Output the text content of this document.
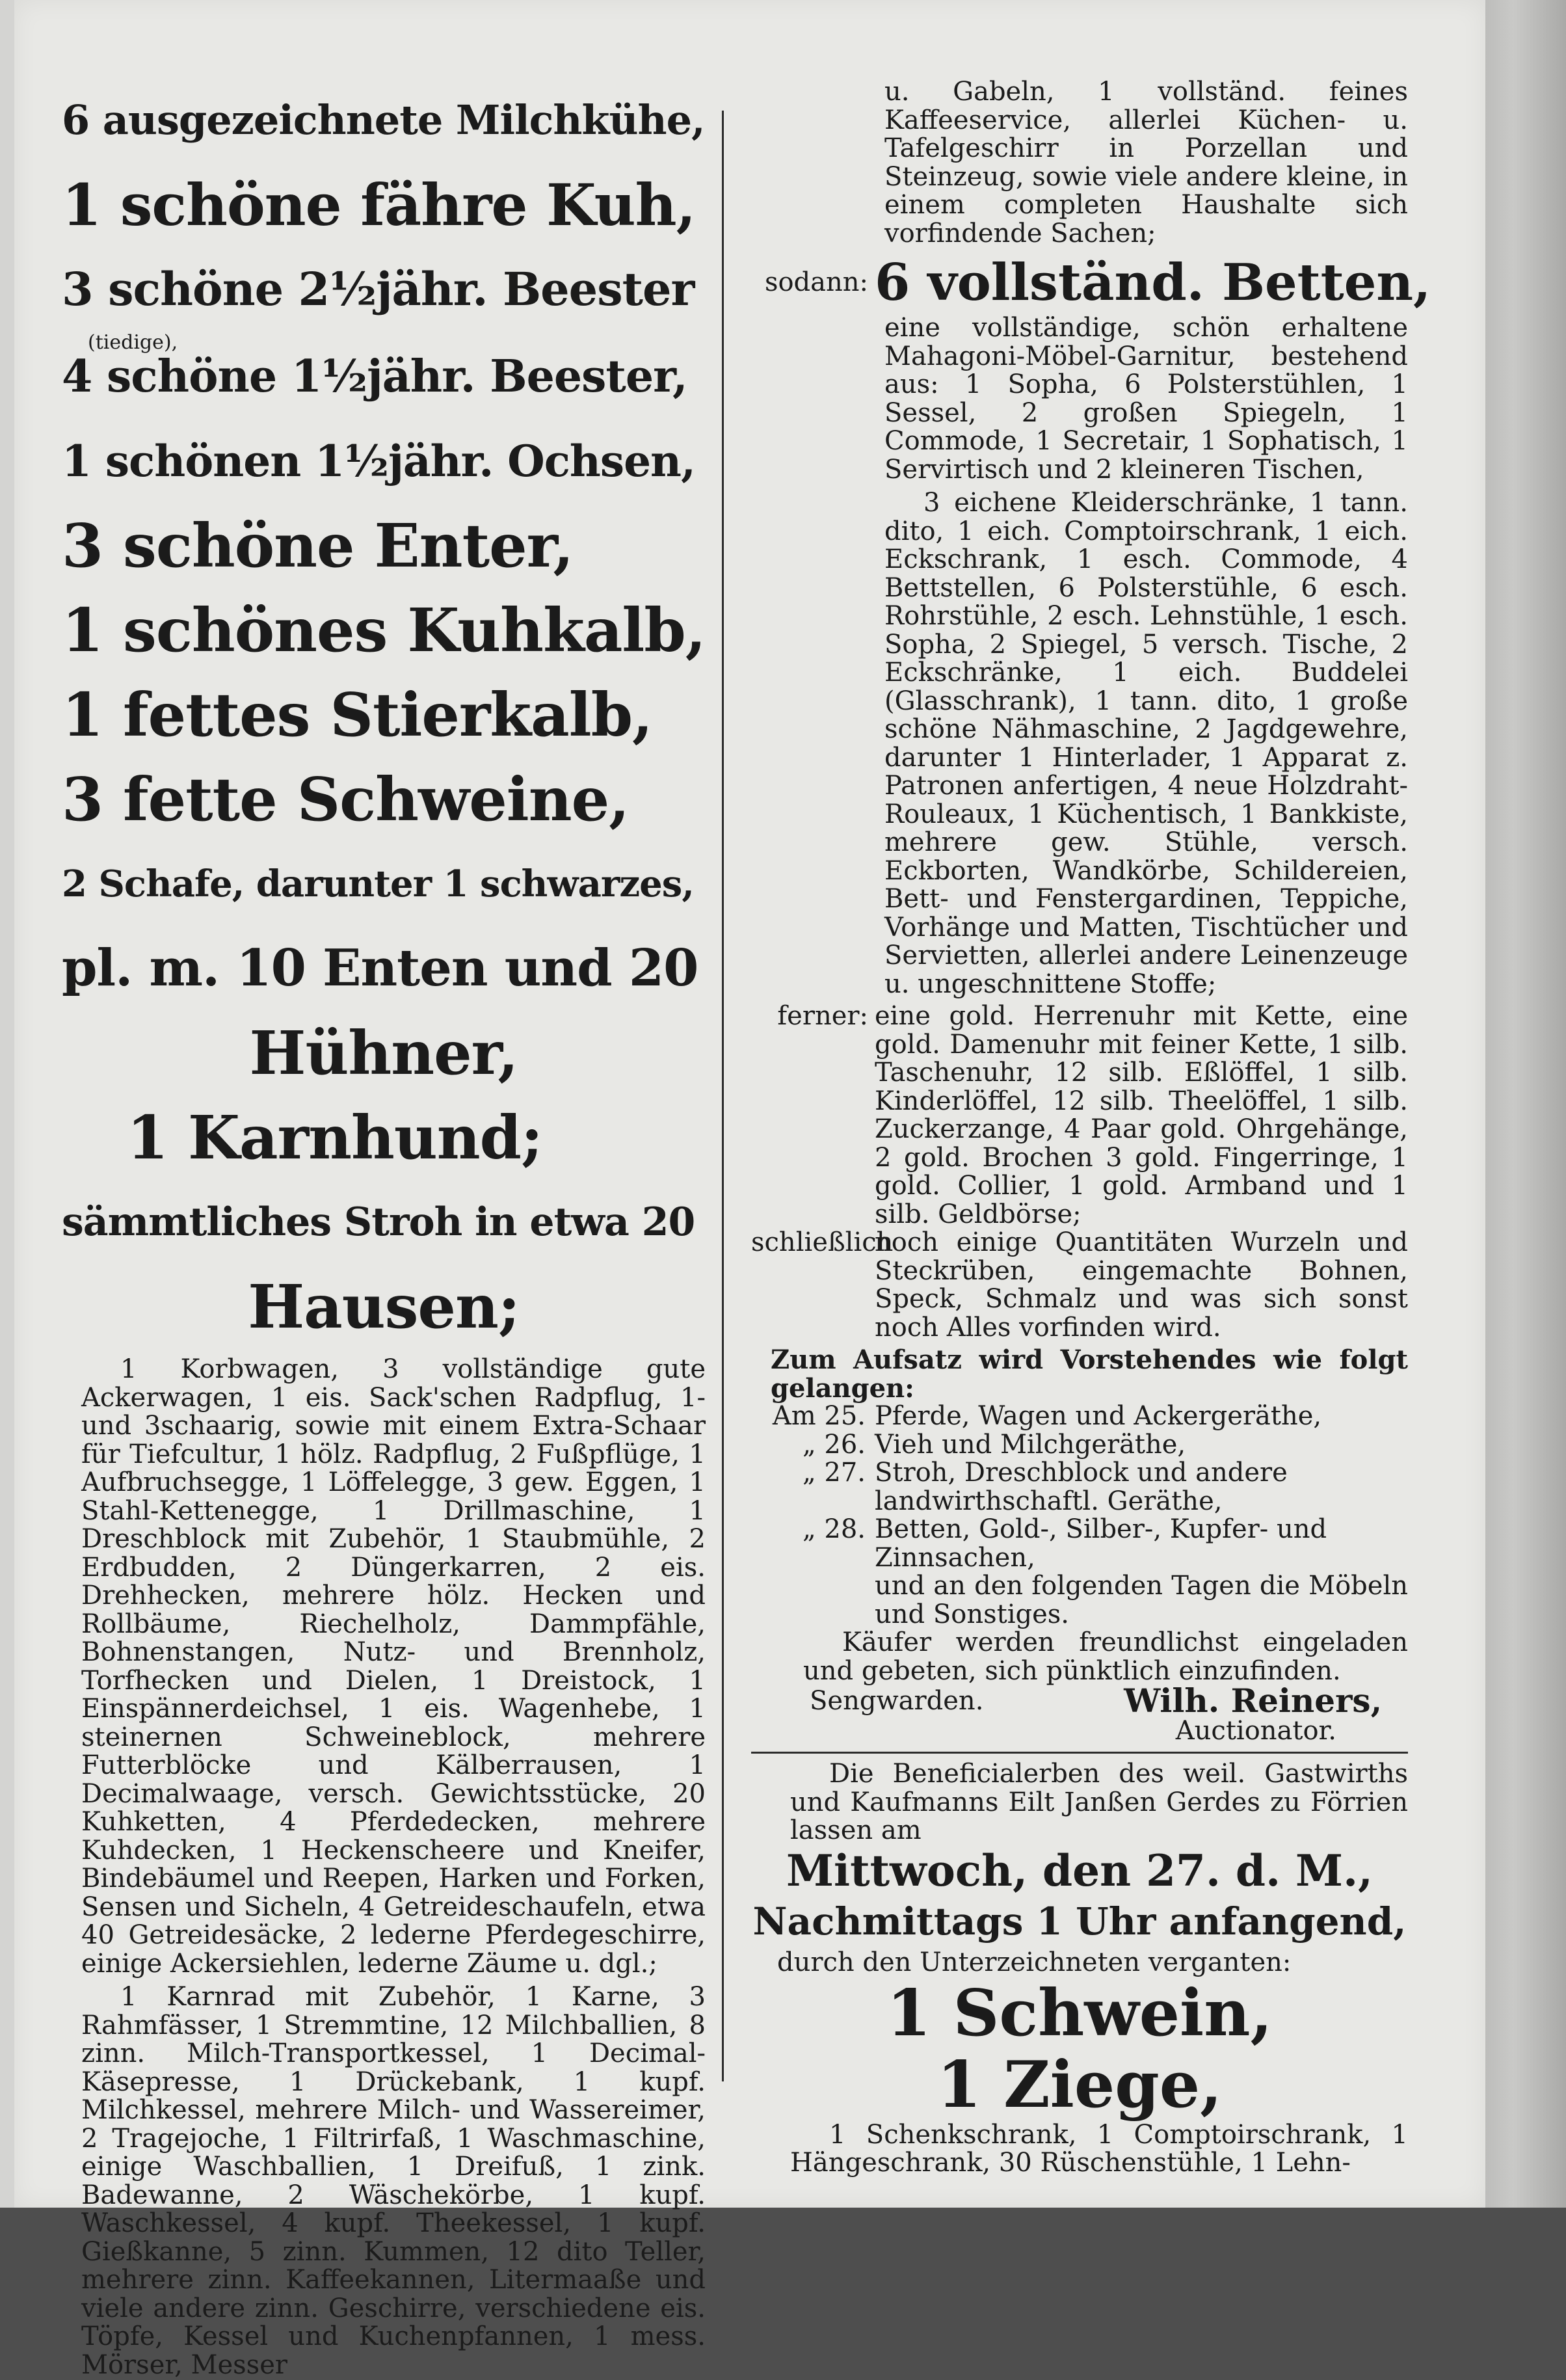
6 ausgezeichnete Milchkühe,
1 schöne fähre Kuh,
3 schöne 2½jähr. Beester
(tiedige),
4 schöne 1½jähr. Beester,
1 schönen 1½jähr. Ochsen,
3 schöne Enter,
1 schönes Kuhkalb,
1 fettes Stierkalb,
3 fette Schweine,
2 Schafe, darunter 1 schwarzes,
pl. m. 10 Enten und 20
Hühner,
1 Karnhund;
sämmtliches Stroh in etwa 20
Hausen;

1 Korbwagen, 3 vollständige gute Ackerwagen, 1 eis. Sack'schen Radpflug, 1- und 3schaarig, sowie mit einem Extra-Schaar für Tiefcultur, 1 hölz. Radpflug, 2 Fußpflüge, 1 Aufbruchsegge, 1 Löffelegge, 3 gew. Eggen, 1 Stahl-Kettenegge, 1 Drillmaschine, 1 Dreschblock mit Zubehör, 1 Staubmühle, 2 Erdbudden, 2 Düngerkarren, 2 eis. Drehhecken, mehrere hölz. Hecken und Rollbäume, Riechelholz, Dammpfähle, Bohnenstangen, Nutz- und Brennholz, Torfhecken und Dielen, 1 Dreistock, 1 Einspännerdeichsel, 1 eis. Wagenhebe, 1 steinernen Schweineblock, mehrere Futterblöcke und Kälberrausen, 1 Decimalwaage, versch. Gewichtsstücke, 20 Kuhketten, 4 Pferdedecken, mehrere Kuhdecken, 1 Heckenscheere und Kneifer, Bindebäumel und Reepen, Harken und Forken, Sensen und Sicheln, 4 Getreideschaufeln, etwa 40 Getreidesäcke, 2 lederne Pferdegeschirre, einige Ackersiehlen, lederne Zäume u. dgl.;

1 Karnrad mit Zubehör, 1 Karne, 3 Rahmfässer, 1 Stremmtine, 12 Milchballien, 8 zinn. Milch-Transportkessel, 1 Decimal-Käsepresse, 1 Drückebank, 1 kupf. Milchkessel, mehrere Milch- und Wassereimer, 2 Tragejoche, 1 Filtrirfaß, 1 Waschmaschine, einige Waschballien, 1 Dreifuß, 1 zink. Badewanne, 2 Wäschekörbe, 1 kupf. Waschkessel, 4 kupf. Theekessel, 1 kupf. Gießkanne, 5 zinn. Kummen, 12 dito Teller, mehrere zinn. Kaffeekannen, Litermaaße und viele andere zinn. Geschirre, verschiedene eis. Töpfe, Kessel und Kuchenpfannen, 1 mess. Mörser, Messer

u. Gabeln, 1 vollständ. feines Kaffeeservice, allerlei Küchen- u. Tafelgeschirr in Porzellan und Steinzeug, sowie viele andere kleine, in einem completen Haushalte sich vorfindende Sachen;

sodann: 6 vollständ. Betten,

eine vollständige, schön erhaltene Mahagoni-Möbel-Garnitur, bestehend aus: 1 Sopha, 6 Polsterstühlen, 1 Sessel, 2 großen Spiegeln, 1 Commode, 1 Secretair, 1 Sophatisch, 1 Servirtisch und 2 kleineren Tischen,

3 eichene Kleiderschränke, 1 tann. dito, 1 eich. Comptoirschrank, 1 eich. Eckschrank, 1 esch. Commode, 4 Bettstellen, 6 Polsterstühle, 6 esch. Rohrstühle, 2 esch. Lehnstühle, 1 esch. Sopha, 2 Spiegel, 5 versch. Tische, 2 Eckschränke, 1 eich. Buddelei (Glasschrank), 1 tann. dito, 1 große schöne Nähmaschine, 2 Jagdgewehre, darunter 1 Hinterlader, 1 Apparat z. Patronen anfertigen, 4 neue Holzdraht-Rouleaux, 1 Küchentisch, 1 Bankkiste, mehrere gew. Stühle, versch. Eckborten, Wandkörbe, Schildereien, Bett- und Fenstergardinen, Teppiche, Vorhänge und Matten, Tischtücher und Servietten, allerlei andere Leinenzeuge u. ungeschnittene Stoffe;

ferner: eine gold. Herrenuhr mit Kette, eine gold. Damenuhr mit feiner Kette, 1 silb. Taschenuhr, 12 silb. Eßlöffel, 1 silb. Kinderlöffel, 12 silb. Theelöffel, 1 silb. Zuckerzange, 4 Paar gold. Ohrgehänge, 2 gold. Brochen 3 gold. Fingerringe, 1 gold. Collier, 1 gold. Armband und 1 silb. Geldbörse;
schließlich
noch einige Quantitäten Wurzeln und Steckrüben, eingemachte Bohnen, Speck, Schmalz und was sich sonst noch Alles vorfinden wird.

Zum Aufsatz wird Vorstehendes wie folgt gelangen:

Am 25. Pferde, Wagen und Ackergeräthe,
„ 26. Vieh und Milchgeräthe,
„ 27. Stroh, Dreschblock und andere landwirthschaftl. Geräthe,
„ 28. Betten, Gold-, Silber-, Kupfer- und Zinnsachen,

und an den folgenden Tagen die Möbeln und Sonstiges.

Käufer werden freundlichst eingeladen und gebeten, sich pünktlich einzufinden.

Sengwarden.	Wilh. Reiners,
Auctionator.

Die Beneficialerben des weil. Gastwirths und Kaufmanns Eilt Janßen Gerdes zu Förrien lassen am

Mittwoch, den 27. d. M.,
Nachmittags 1 Uhr anfangend,
durch den Unterzeichneten verganten:
1 Schwein,
1 Ziege,

1 Schenkschrank, 1 Comptoirschrank, 1 Hängeschrank, 30 Rüschenstühle, 1 Lehn-
